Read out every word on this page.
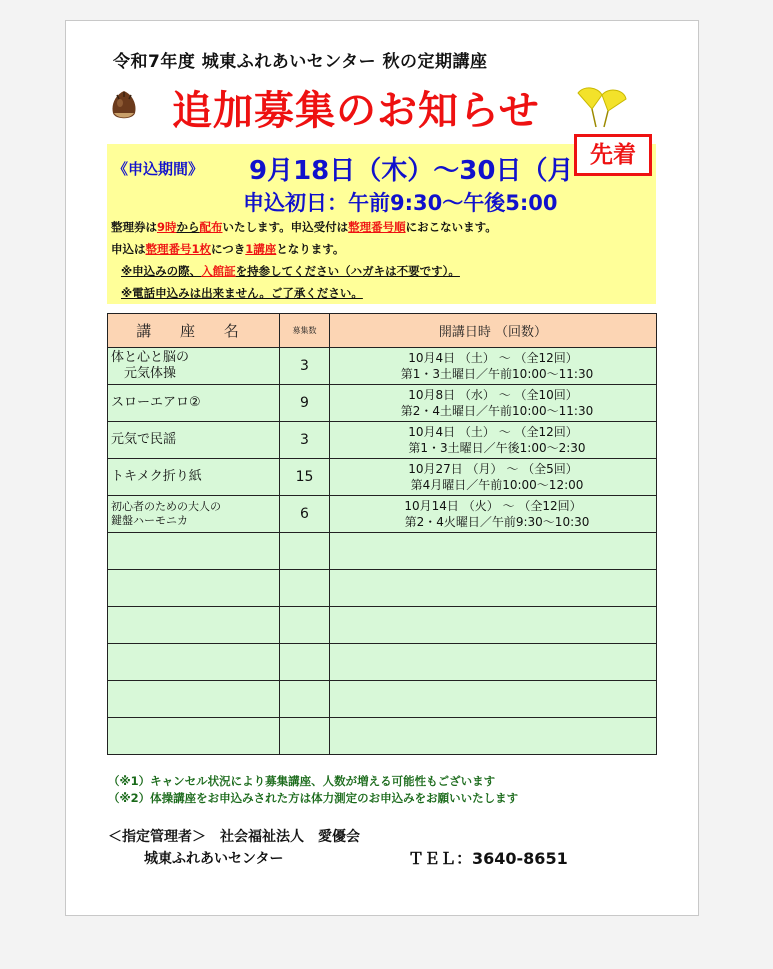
令和7年度 城東ふれあいセンター 秋の定期講座
追加募集のお知らせ
《申込期間》 9月18日（木）～30日（月
先着
申込初日：午前9:30～午後5:00
整理券は9時から配布いたします。申込受付は整理番号順におこないます。
申込は整理番号1枚につき1講座となります。
※申込みの際、入館証を持参してください（ハガキは不要です）。
※電話申込みは出来ません。ご了承ください。
講 座 名	募集数	開講日時 （回数）
体と心と脳の
　元気体操	3	10月4日 （土） ～ （全12回）
第1・3土曜日／午前10:00～11:30

スローエアロ②	9	10月8日 （水） ～ （全10回）
第2・4土曜日／午前10:00～11:30

元気で民謡	3	10月4日 （土） ～ （全12回）
第1・3土曜日／午後1:00～2:30

トキメク折り紙	15	10月27日 （月） ～ （全5回）
第4月曜日／午前10:00～12:00

初心者のための大人の
鍵盤ハーモニカ	6	10月14日 （火） ～ （全12回）
第2・4火曜日／午前9:30～10:30

（※1）キャンセル状況により募集講座、人数が増える可能性もございます
（※2）体操講座をお申込みされた方は体力測定のお申込みをお願いいたします
＜指定管理者＞　社会福祉法人　愛優会
城東ふれあいセンター	ＴＥＬ：3640-8651
